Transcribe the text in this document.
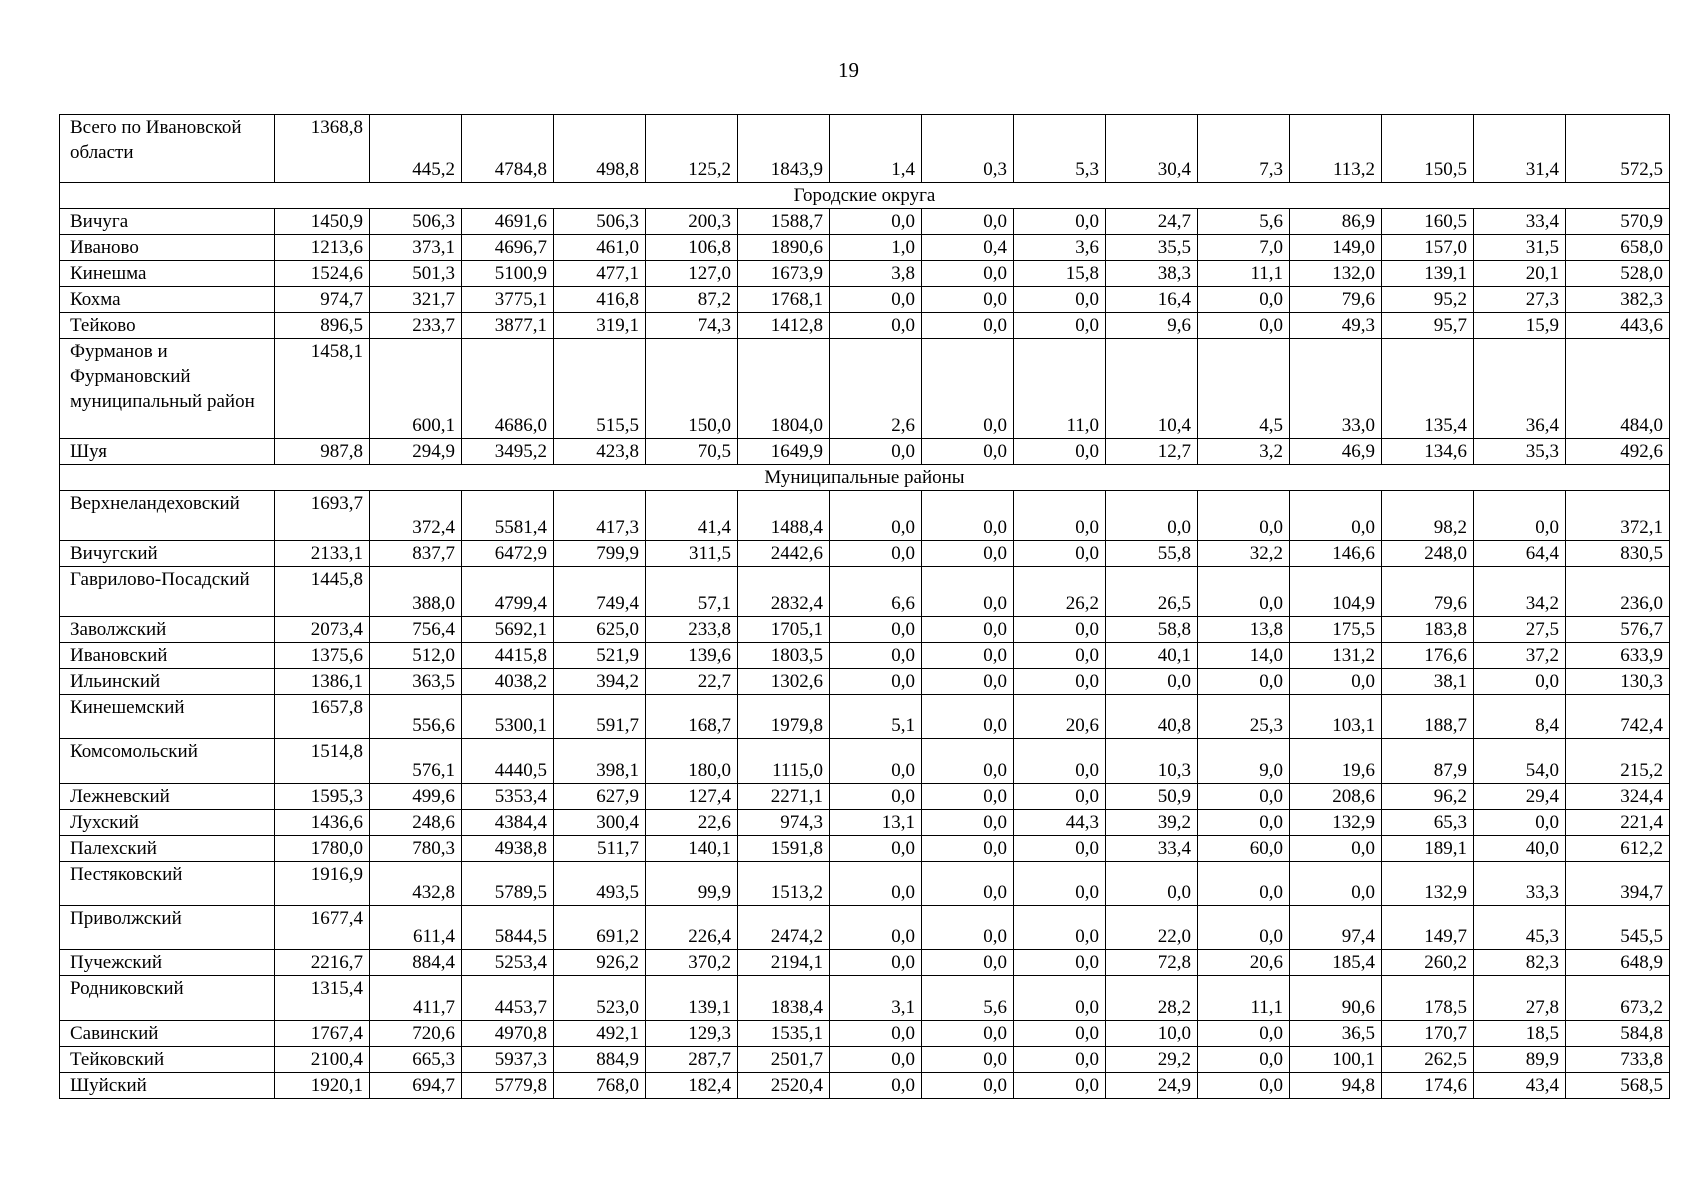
19
Всего по Ивановской области	1368,8	445,2	4784,8	498,8	125,2	1843,9	1,4	0,3	5,3	30,4	7,3	113,2	150,5	31,4	572,5
Городские округа															
Вичуга	1450,9	506,3	4691,6	506,3	200,3	1588,7	0,0	0,0	0,0	24,7	5,6	86,9	160,5	33,4	570,9
Иваново	1213,6	373,1	4696,7	461,0	106,8	1890,6	1,0	0,4	3,6	35,5	7,0	149,0	157,0	31,5	658,0
Кинешма	1524,6	501,3	5100,9	477,1	127,0	1673,9	3,8	0,0	15,8	38,3	11,1	132,0	139,1	20,1	528,0
Кохма	974,7	321,7	3775,1	416,8	87,2	1768,1	0,0	0,0	0,0	16,4	0,0	79,6	95,2	27,3	382,3
Тейково	896,5	233,7	3877,1	319,1	74,3	1412,8	0,0	0,0	0,0	9,6	0,0	49,3	95,7	15,9	443,6
Фурманов и Фурмановский муниципальный район	1458,1	600,1	4686,0	515,5	150,0	1804,0	2,6	0,0	11,0	10,4	4,5	33,0	135,4	36,4	484,0
Шуя	987,8	294,9	3495,2	423,8	70,5	1649,9	0,0	0,0	0,0	12,7	3,2	46,9	134,6	35,3	492,6
Муниципальные районы															
Верхнеландеховский	1693,7	372,4	5581,4	417,3	41,4	1488,4	0,0	0,0	0,0	0,0	0,0	0,0	98,2	0,0	372,1
Вичугский	2133,1	837,7	6472,9	799,9	311,5	2442,6	0,0	0,0	0,0	55,8	32,2	146,6	248,0	64,4	830,5
Гаврилово-Посадский	1445,8	388,0	4799,4	749,4	57,1	2832,4	6,6	0,0	26,2	26,5	0,0	104,9	79,6	34,2	236,0
Заволжский	2073,4	756,4	5692,1	625,0	233,8	1705,1	0,0	0,0	0,0	58,8	13,8	175,5	183,8	27,5	576,7
Ивановский	1375,6	512,0	4415,8	521,9	139,6	1803,5	0,0	0,0	0,0	40,1	14,0	131,2	176,6	37,2	633,9
Ильинский	1386,1	363,5	4038,2	394,2	22,7	1302,6	0,0	0,0	0,0	0,0	0,0	0,0	38,1	0,0	130,3
Кинешемский	1657,8	556,6	5300,1	591,7	168,7	1979,8	5,1	0,0	20,6	40,8	25,3	103,1	188,7	8,4	742,4
Комсомольский	1514,8	576,1	4440,5	398,1	180,0	1115,0	0,0	0,0	0,0	10,3	9,0	19,6	87,9	54,0	215,2
Лежневский	1595,3	499,6	5353,4	627,9	127,4	2271,1	0,0	0,0	0,0	50,9	0,0	208,6	96,2	29,4	324,4
Лухский	1436,6	248,6	4384,4	300,4	22,6	974,3	13,1	0,0	44,3	39,2	0,0	132,9	65,3	0,0	221,4
Палехский	1780,0	780,3	4938,8	511,7	140,1	1591,8	0,0	0,0	0,0	33,4	60,0	0,0	189,1	40,0	612,2
Пестяковский	1916,9	432,8	5789,5	493,5	99,9	1513,2	0,0	0,0	0,0	0,0	0,0	0,0	132,9	33,3	394,7
Приволжский	1677,4	611,4	5844,5	691,2	226,4	2474,2	0,0	0,0	0,0	22,0	0,0	97,4	149,7	45,3	545,5
Пучежский	2216,7	884,4	5253,4	926,2	370,2	2194,1	0,0	0,0	0,0	72,8	20,6	185,4	260,2	82,3	648,9
Родниковский	1315,4	411,7	4453,7	523,0	139,1	1838,4	3,1	5,6	0,0	28,2	11,1	90,6	178,5	27,8	673,2
Савинский	1767,4	720,6	4970,8	492,1	129,3	1535,1	0,0	0,0	0,0	10,0	0,0	36,5	170,7	18,5	584,8
Тейковский	2100,4	665,3	5937,3	884,9	287,7	2501,7	0,0	0,0	0,0	29,2	0,0	100,1	262,5	89,9	733,8
Шуйский	1920,1	694,7	5779,8	768,0	182,4	2520,4	0,0	0,0	0,0	24,9	0,0	94,8	174,6	43,4	568,5
